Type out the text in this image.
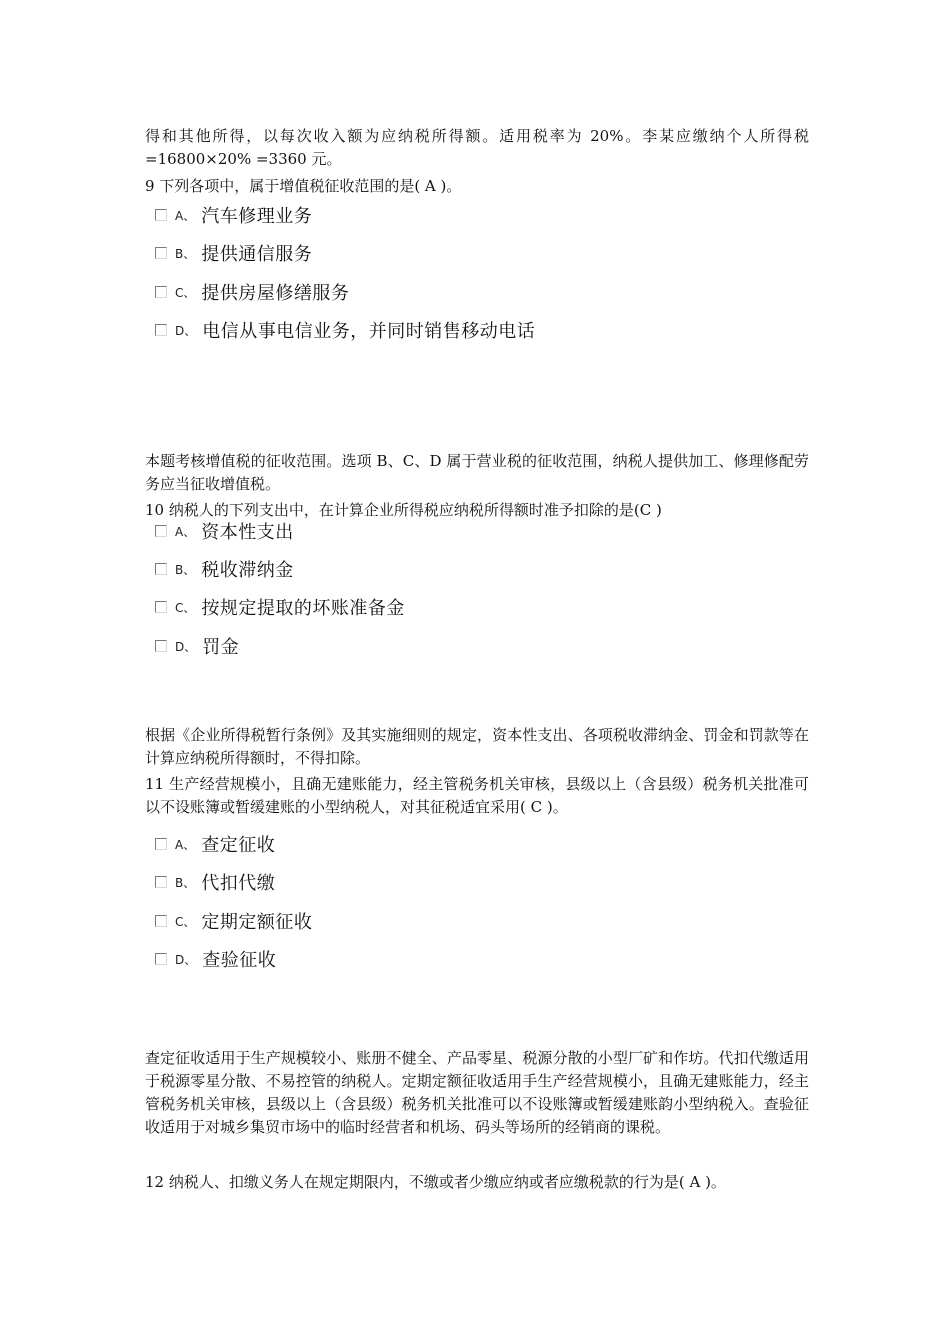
得和其他所得，以每次收入额为应纳税所得额。适用税率为 20%。李某应缴纳个人所得税=16800×20% =3360 元。

9 下列各项中，属于增值税征收范围的是( A )。

A、 汽车修理业务
B、 提供通信服务
C、 提供房屋修缮服务
D、 电信从事电信业务，并同时销售移动电话

本题考核增值税的征收范围。选项 B、C、D 属于营业税的征收范围，纳税人提供加工、修理修配劳务应当征收增值税。

10 纳税人的下列支出中，在计算企业所得税应纳税所得额时准予扣除的是(C )

A、 资本性支出
B、 税收滞纳金
C、 按规定提取的坏账准备金
D、 罚金

根据《企业所得税暂行条例》及其实施细则的规定，资本性支出、各项税收滞纳金、罚金和罚款等在计算应纳税所得额时，不得扣除。

11 生产经营规模小，且确无建账能力，经主管税务机关审核，县级以上（含县级）税务机关批准可以不设账簿或暂缓建账的小型纳税人，对其征税适宜采用( C )。

A、 查定征收
B、 代扣代缴
C、 定期定额征收
D、 查验征收

查定征收适用于生产规模较小、账册不健全、产品零星、税源分散的小型厂矿和作坊。代扣代缴适用于税源零星分散、不易控管的纳税人。定期定额征收适用手生产经营规模小，且确无建账能力，经主管税务机关审核，县级以上（含县级）税务机关批准可以不设账簿或暂缓建账韵小型纳税入。查验征收适用于对城乡集贸市场中的临时经营者和机场、码头等场所的经销商的课税。

12 纳税人、扣缴义务人在规定期限内，不缴或者少缴应纳或者应缴税款的行为是( A )。
